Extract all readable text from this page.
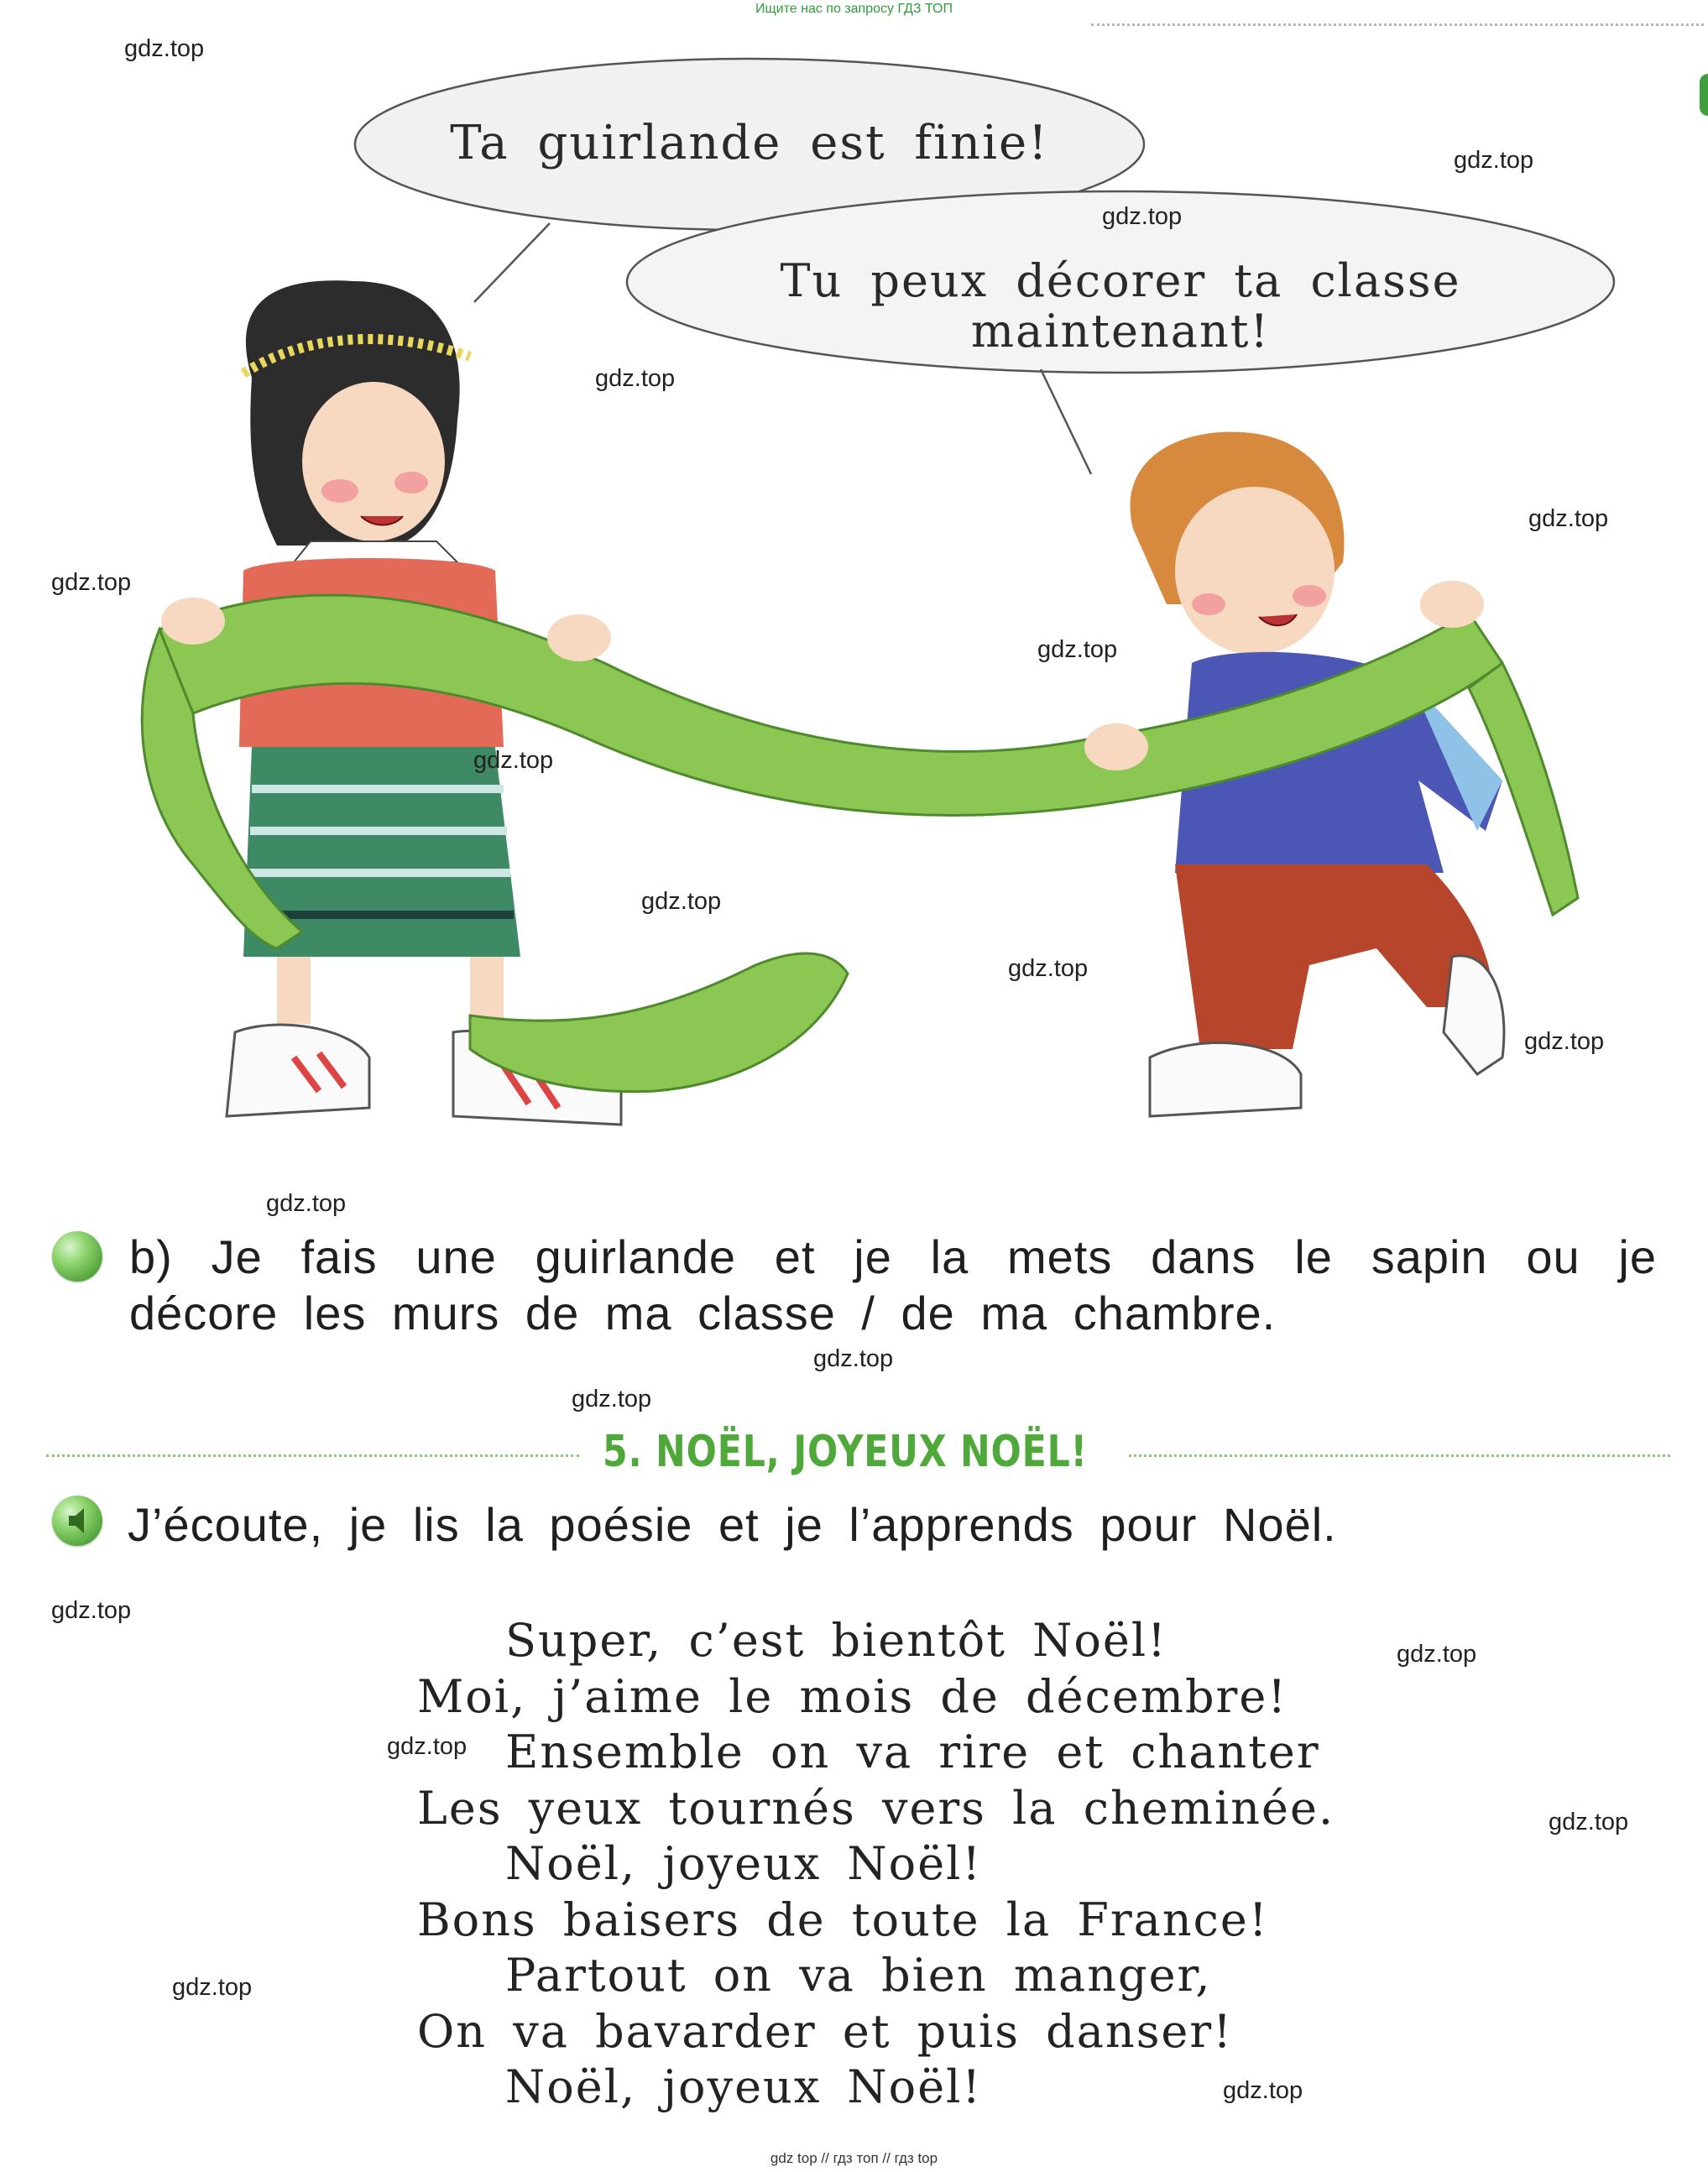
Ищите нас по запросу ГДЗ ТОП
Ta guirlande est finie!
Tu peux décorer ta classe
maintenant!
gdz.top
gdz.top
gdz.top
gdz.top
gdz.top
gdz.top
gdz.top
gdz.top
gdz.top
gdz.top
gdz.top
gdz.top
gdz.top
gdz.top
gdz.top
gdz.top
gdz.top
gdz.top
gdz.top
gdz.top
b) Je fais une guirlande et je la mets dans le sapin ou je
décore les murs de ma classe / de ma chambre.
5. NOËL, JOYEUX NOËL!
J’écoute, je lis la poésie et je l’apprends pour Noël.
Super, c’est bientôt Noël!
Moi, j’aime le mois de décembre!
Ensemble on va rire et chanter
Les yeux tournés vers la cheminée.
Noël, joyeux Noël!
Bons baisers de toute la France!
Partout on va bien manger,
On va bavarder et puis danser!
Noël, joyeux Noël!
gdz top // гдз топ // гдз top
